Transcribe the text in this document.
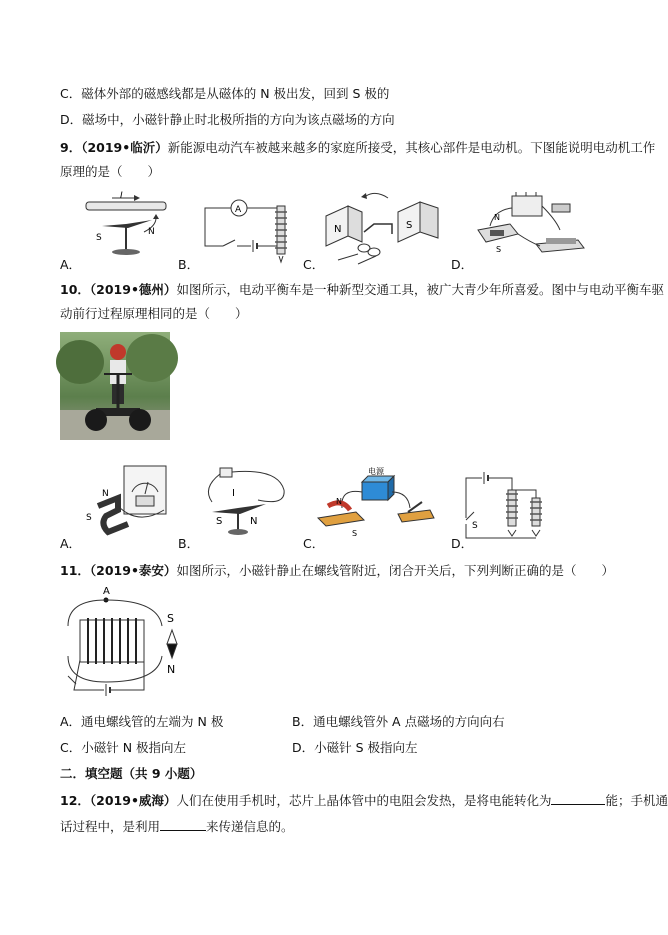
C．磁体外部的磁感线都是从磁体的 N 极出发，回到 S 极的
D．磁场中，小磁针静止时北极所指的方向为该点磁场的方向
9．（2019•临沂）新能源电动汽车被越来越多的家庭所接受，其核心部件是电动机。下图能说明电动机工作
原理的是（　　）
A．	B．	C．	D．
I
S
N
A
N	S
N
S
10．（2019•德州）如图所示，电动平衡车是一种新型交通工具，被广大青少年所喜爱。图中与电动平衡车驱
动前行过程原理相同的是（　　）
A．	B．	C．	D．
N
S
I
S	N
电源
N
S
S
11．（2019•泰安）如图所示，小磁针静止在螺线管附近，闭合开关后，下列判断正确的是（　　）
A
S
N
A．通电螺线管的左端为 N 极	B．通电螺线管外 A 点磁场的方向向右
C．小磁针 N 极指向左	D．小磁针 S 极指向左
二．填空题（共 9 小题）
12．（2019•威海）人们在使用手机时，芯片上晶体管中的电阻会发热，是将电能转化为	能；手机通
话过程中，是利用	来传递信息的。
